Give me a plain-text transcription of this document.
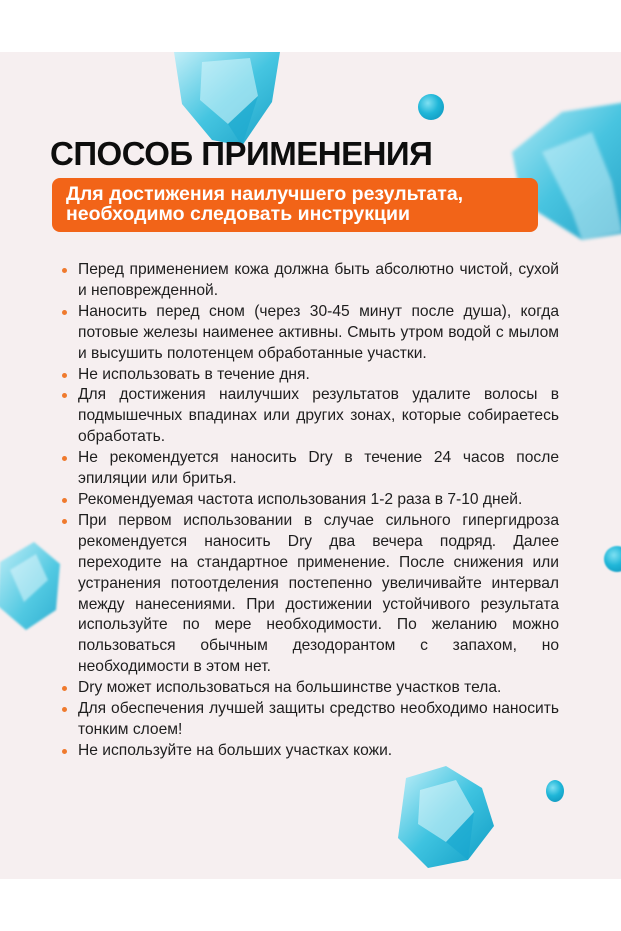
СПОСОБ ПРИМЕНЕНИЯ
Для достижения наилучшего результата,
необходимо следовать инструкции
Перед применением кожа должна быть абсолютно чистой, сухой и неповрежденной.
Наносить перед сном (через 30-45 минут после душа), когда потовые железы наименее активны. Смыть утром водой с мылом и высушить полотенцем обработанные участки.
Не использовать в течение дня.
Для достижения наилучших результатов удалите волосы в подмышечных впадинах или других зонах, которые собираетесь обработать.
Не рекомендуется наносить Dry в течение 24 часов после эпиляции или бритья.
Рекомендуемая частота использования 1-2 раза в 7-10 дней.
При первом использовании в случае сильного гипергидроза рекомендуется наносить Dry два вечера подряд. Далее переходите на стандартное применение. После снижения или устранения потоотделения постепенно увеличивайте интервал между нанесениями. При достижении устойчивого результата используйте по мере необходимости. По желанию можно пользоваться обычным дезодорантом с запахом, но необходимости в этом нет.
Dry может использоваться на большинстве участков тела.
Для обеспечения лучшей защиты средство необходимо наносить тонким слоем!
Не используйте на больших участках кожи.
